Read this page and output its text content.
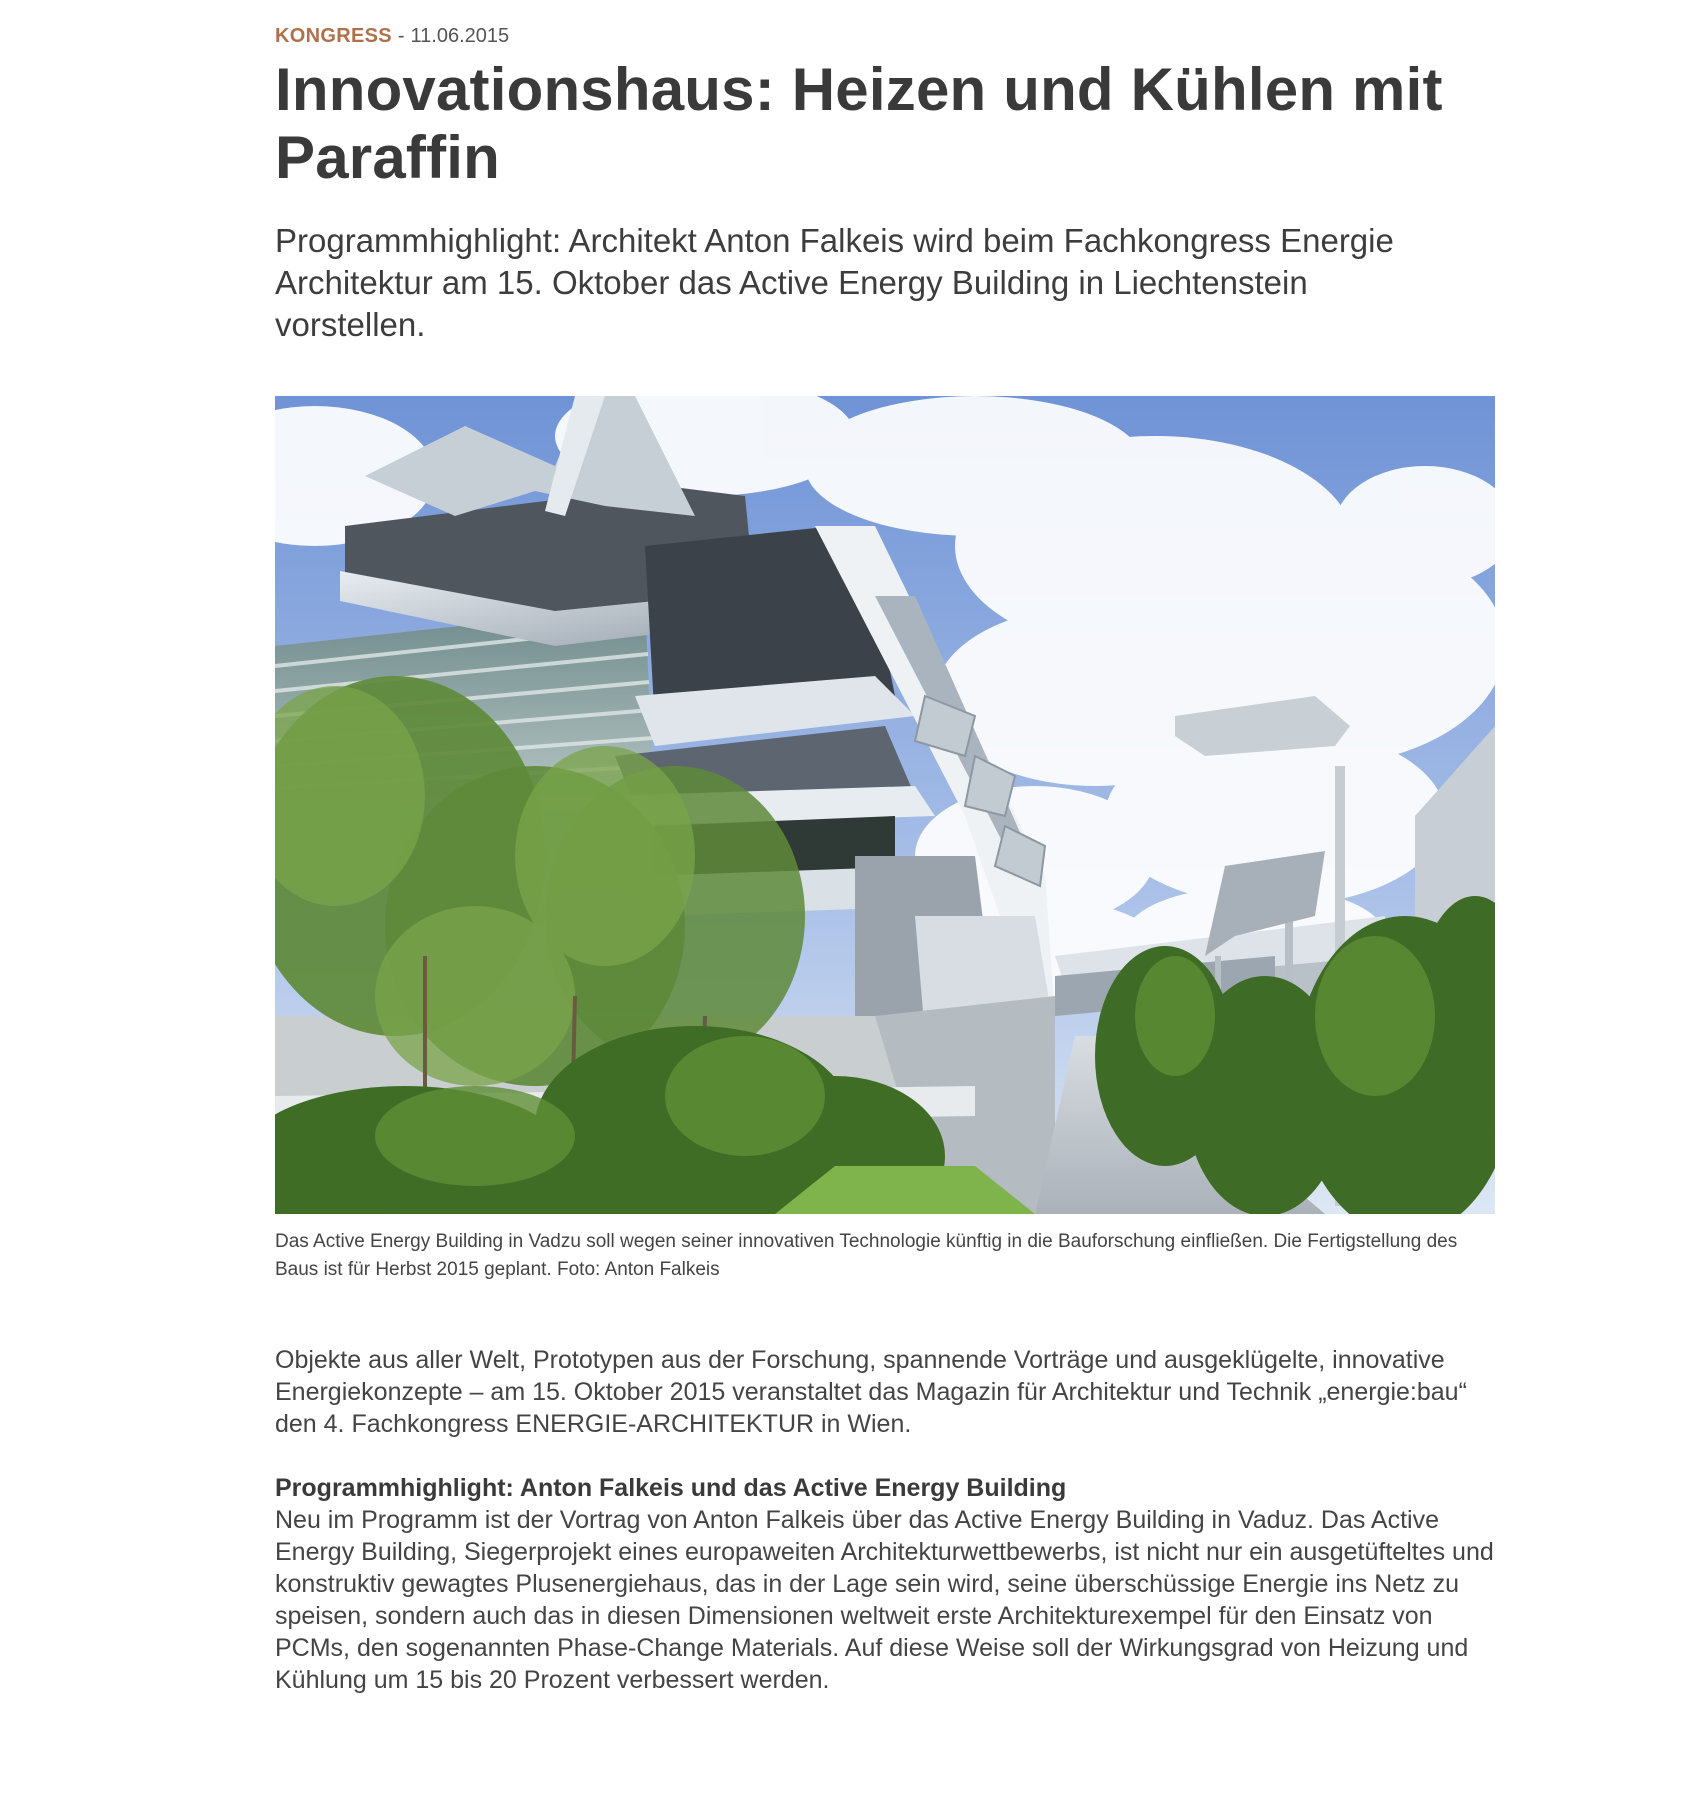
KONGRESS - 11.06.2015
Innovationshaus: Heizen und Kühlen mit Paraffin
Programmhighlight: Architekt Anton Falkeis wird beim Fachkongress Energie Architektur am 15. Oktober das Active Energy Building in Liechtenstein vorstellen.
Das Active Energy Building in Vadzu soll wegen seiner innovativen Technologie künftig in die Bauforschung einfließen. Die Fertigstellung des Baus ist für Herbst 2015 geplant. Foto: Anton Falkeis

Objekte aus aller Welt, Prototypen aus der Forschung, spannende Vorträge und ausgeklügelte, innovative Energiekonzepte – am 15. Oktober 2015 veranstaltet das Magazin für Architektur und Technik „energie:bau“ den 4. Fachkongress ENERGIE-ARCHITEKTUR in Wien.

Programmhighlight: Anton Falkeis und das Active Energy Building
Neu im Programm ist der Vortrag von Anton Falkeis über das Active Energy Building in Vaduz. Das Active Energy Building, Siegerprojekt eines europaweiten Architekturwettbewerbs, ist nicht nur ein ausgetüfteltes und konstruktiv gewagtes Plusenergiehaus, das in der Lage sein wird, seine überschüssige Energie ins Netz zu speisen, sondern auch das in diesen Dimensionen weltweit erste Architekturexempel für den Einsatz von PCMs, den sogenannten Phase-Change Materials. Auf diese Weise soll der Wirkungsgrad von Heizung und Kühlung um 15 bis 20 Prozent verbessert werden.
